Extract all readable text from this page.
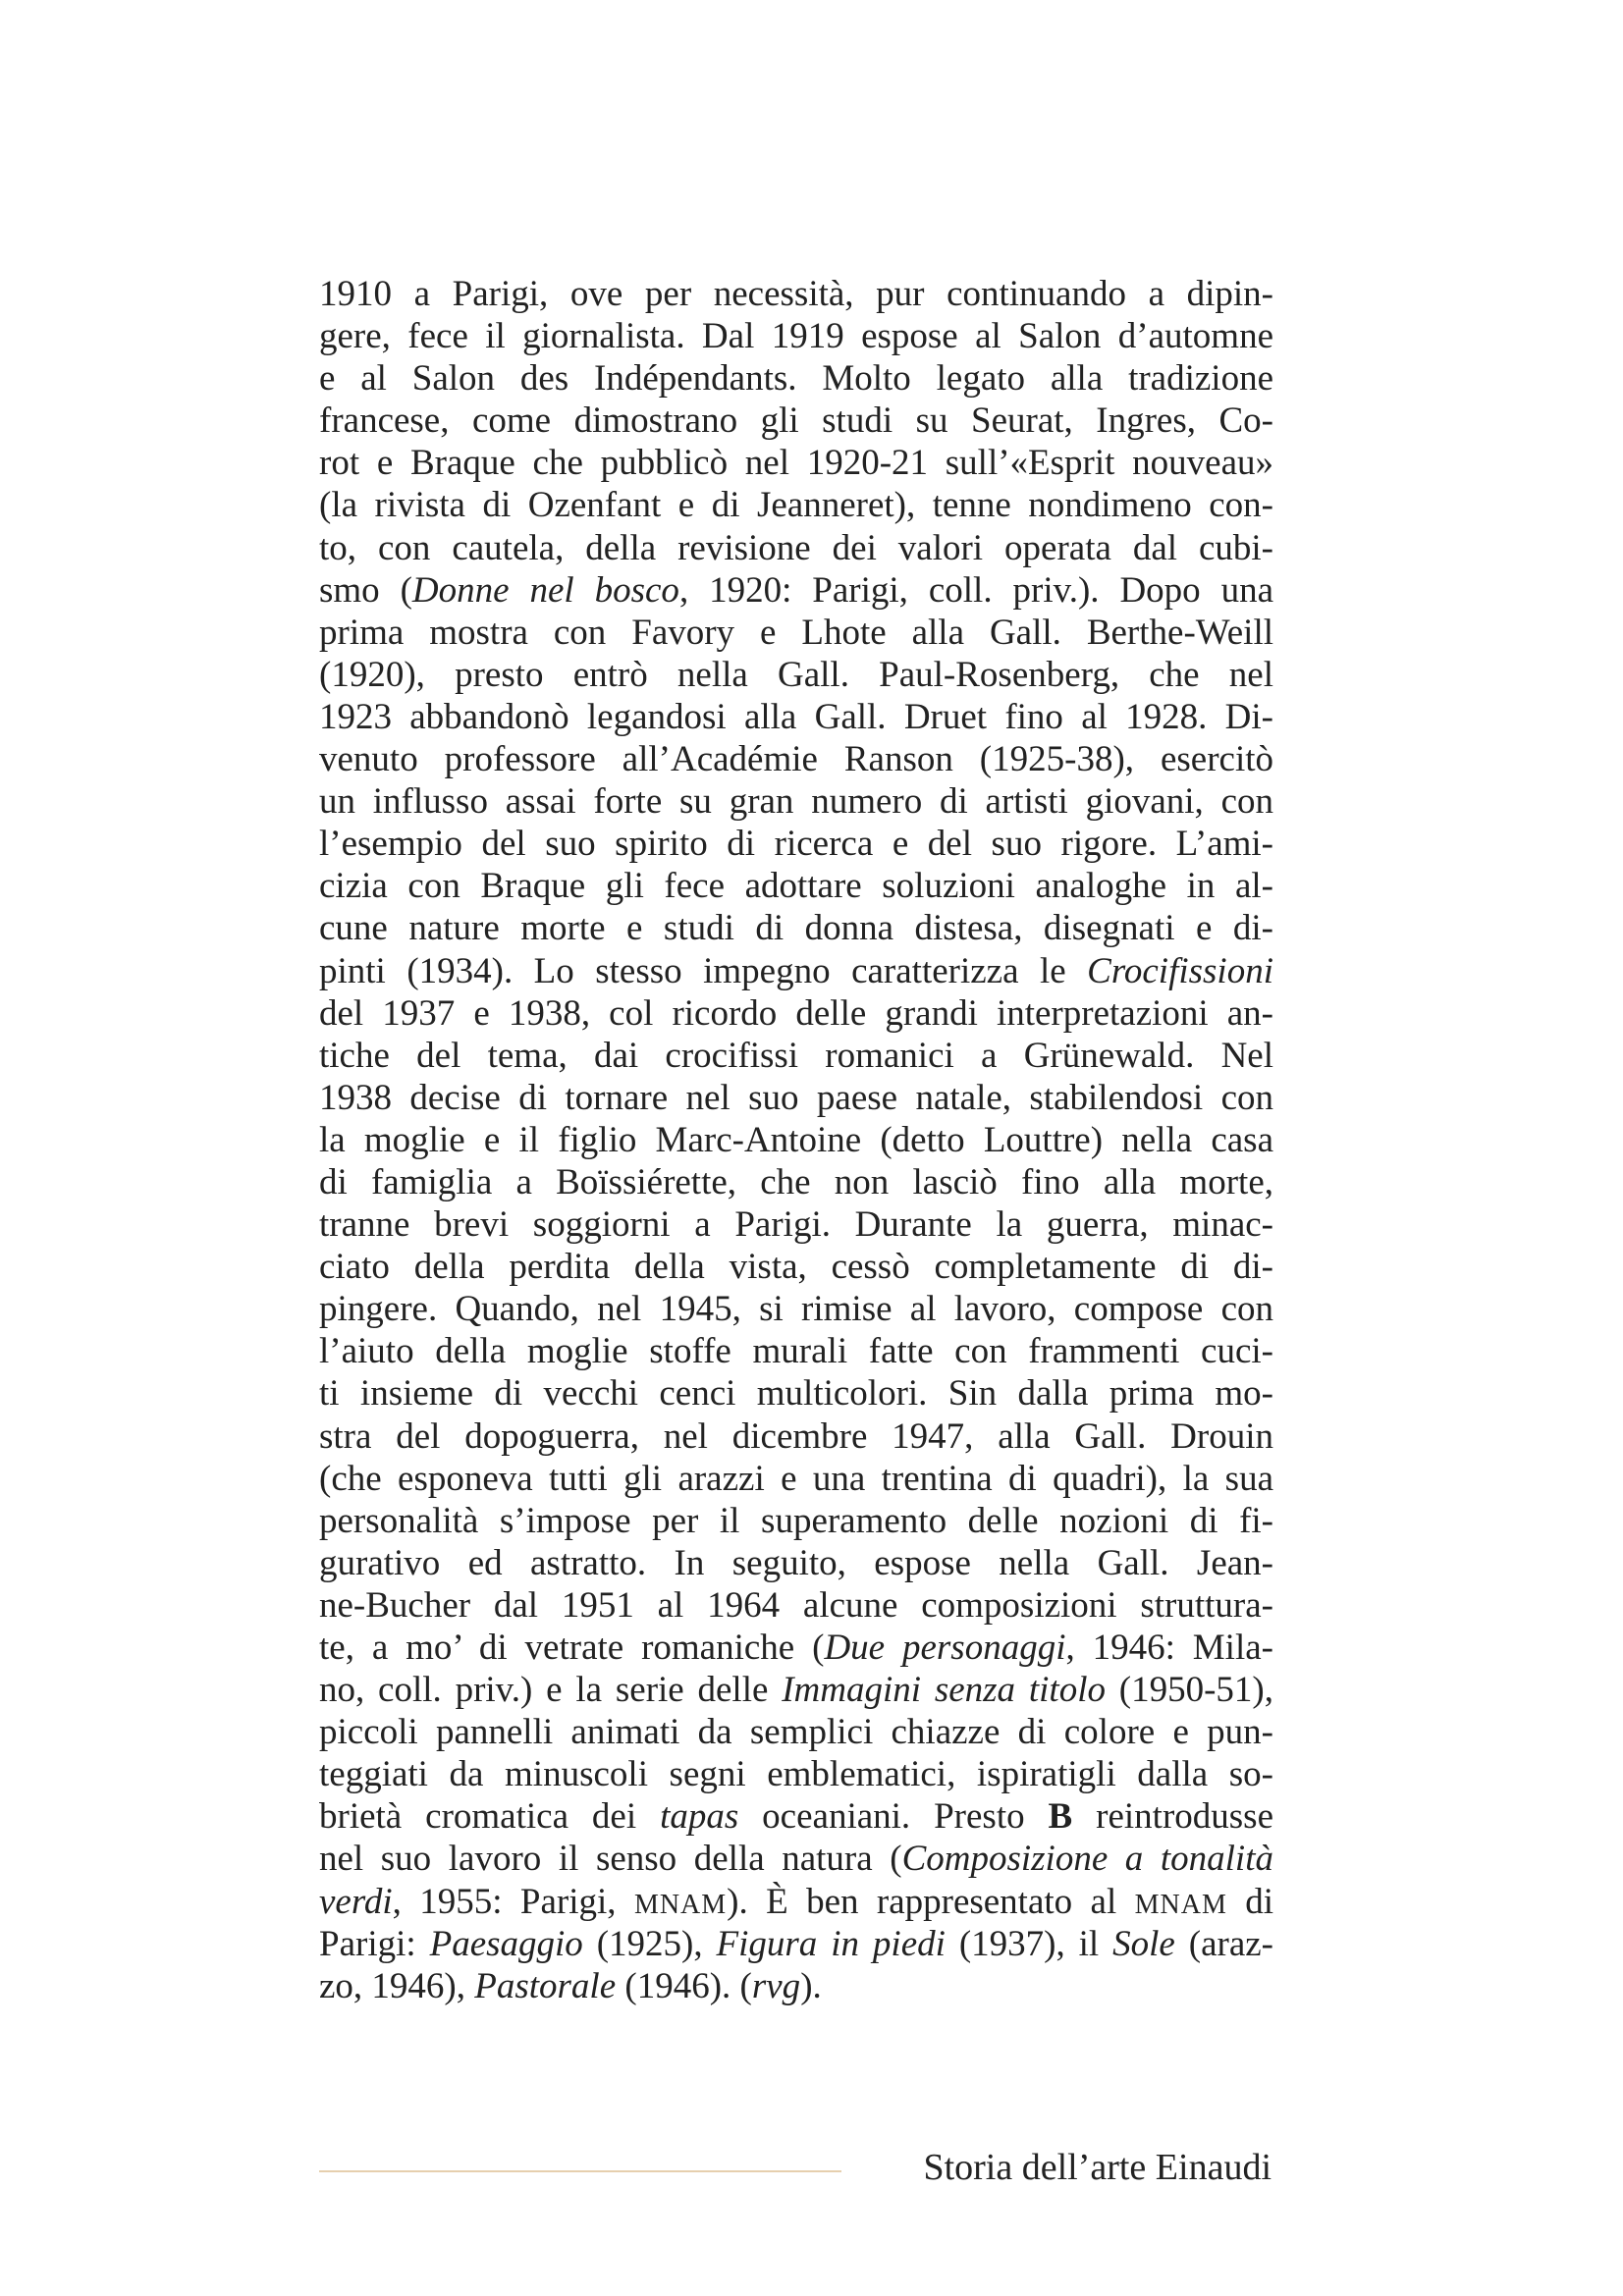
1910 a Parigi, ove per necessità, pur continuando a dipin-
gere, fece il giornalista. Dal 1919 espose al Salon d’automne
e al Salon des Indépendants. Molto legato alla tradizione
francese, come dimostrano gli studi su Seurat, Ingres, Co-
rot e Braque che pubblicò nel 1920-21 sull’«Esprit nouveau»
(la rivista di Ozenfant e di Jeanneret), tenne nondimeno con-
to, con cautela, della revisione dei valori operata dal cubi-
smo (Donne nel bosco, 1920: Parigi, coll. priv.). Dopo una
prima mostra con Favory e Lhote alla Gall. Berthe-Weill
(1920), presto entrò nella Gall. Paul-Rosenberg, che nel
1923 abbandonò legandosi alla Gall. Druet fino al 1928. Di-
venuto professore all’Académie Ranson (1925-38), esercitò
un influsso assai forte su gran numero di artisti giovani, con
l’esempio del suo spirito di ricerca e del suo rigore. L’ami-
cizia con Braque gli fece adottare soluzioni analoghe in al-
cune nature morte e studi di donna distesa, disegnati e di-
pinti (1934). Lo stesso impegno caratterizza le Crocifissioni
del 1937 e 1938, col ricordo delle grandi interpretazioni an-
tiche del tema, dai crocifissi romanici a Grünewald. Nel
1938 decise di tornare nel suo paese natale, stabilendosi con
la moglie e il figlio Marc-Antoine (detto Louttre) nella casa
di famiglia a Boïssiérette, che non lasciò fino alla morte,
tranne brevi soggiorni a Parigi. Durante la guerra, minac-
ciato della perdita della vista, cessò completamente di di-
pingere. Quando, nel 1945, si rimise al lavoro, compose con
l’aiuto della moglie stoffe murali fatte con frammenti cuci-
ti insieme di vecchi cenci multicolori. Sin dalla prima mo-
stra del dopoguerra, nel dicembre 1947, alla Gall. Drouin
(che esponeva tutti gli arazzi e una trentina di quadri), la sua
personalità s’impose per il superamento delle nozioni di fi-
gurativo ed astratto. In seguito, espose nella Gall. Jean-
ne-Bucher dal 1951 al 1964 alcune composizioni struttura-
te, a mo’ di vetrate romaniche (Due personaggi, 1946: Mila-
no, coll. priv.) e la serie delle Immagini senza titolo (1950-51),
piccoli pannelli animati da semplici chiazze di colore e pun-
teggiati da minuscoli segni emblematici, ispiratigli dalla so-
brietà cromatica dei tapas oceaniani. Presto B reintrodusse
nel suo lavoro il senso della natura (Composizione a tonalità
verdi, 1955: Parigi, MNAM). È ben rappresentato al MNAM di
Parigi: Paesaggio (1925), Figura in piedi (1937), il Sole (araz-
zo, 1946), Pastorale (1946). (rvg).
Storia dell’arte Einaudi
